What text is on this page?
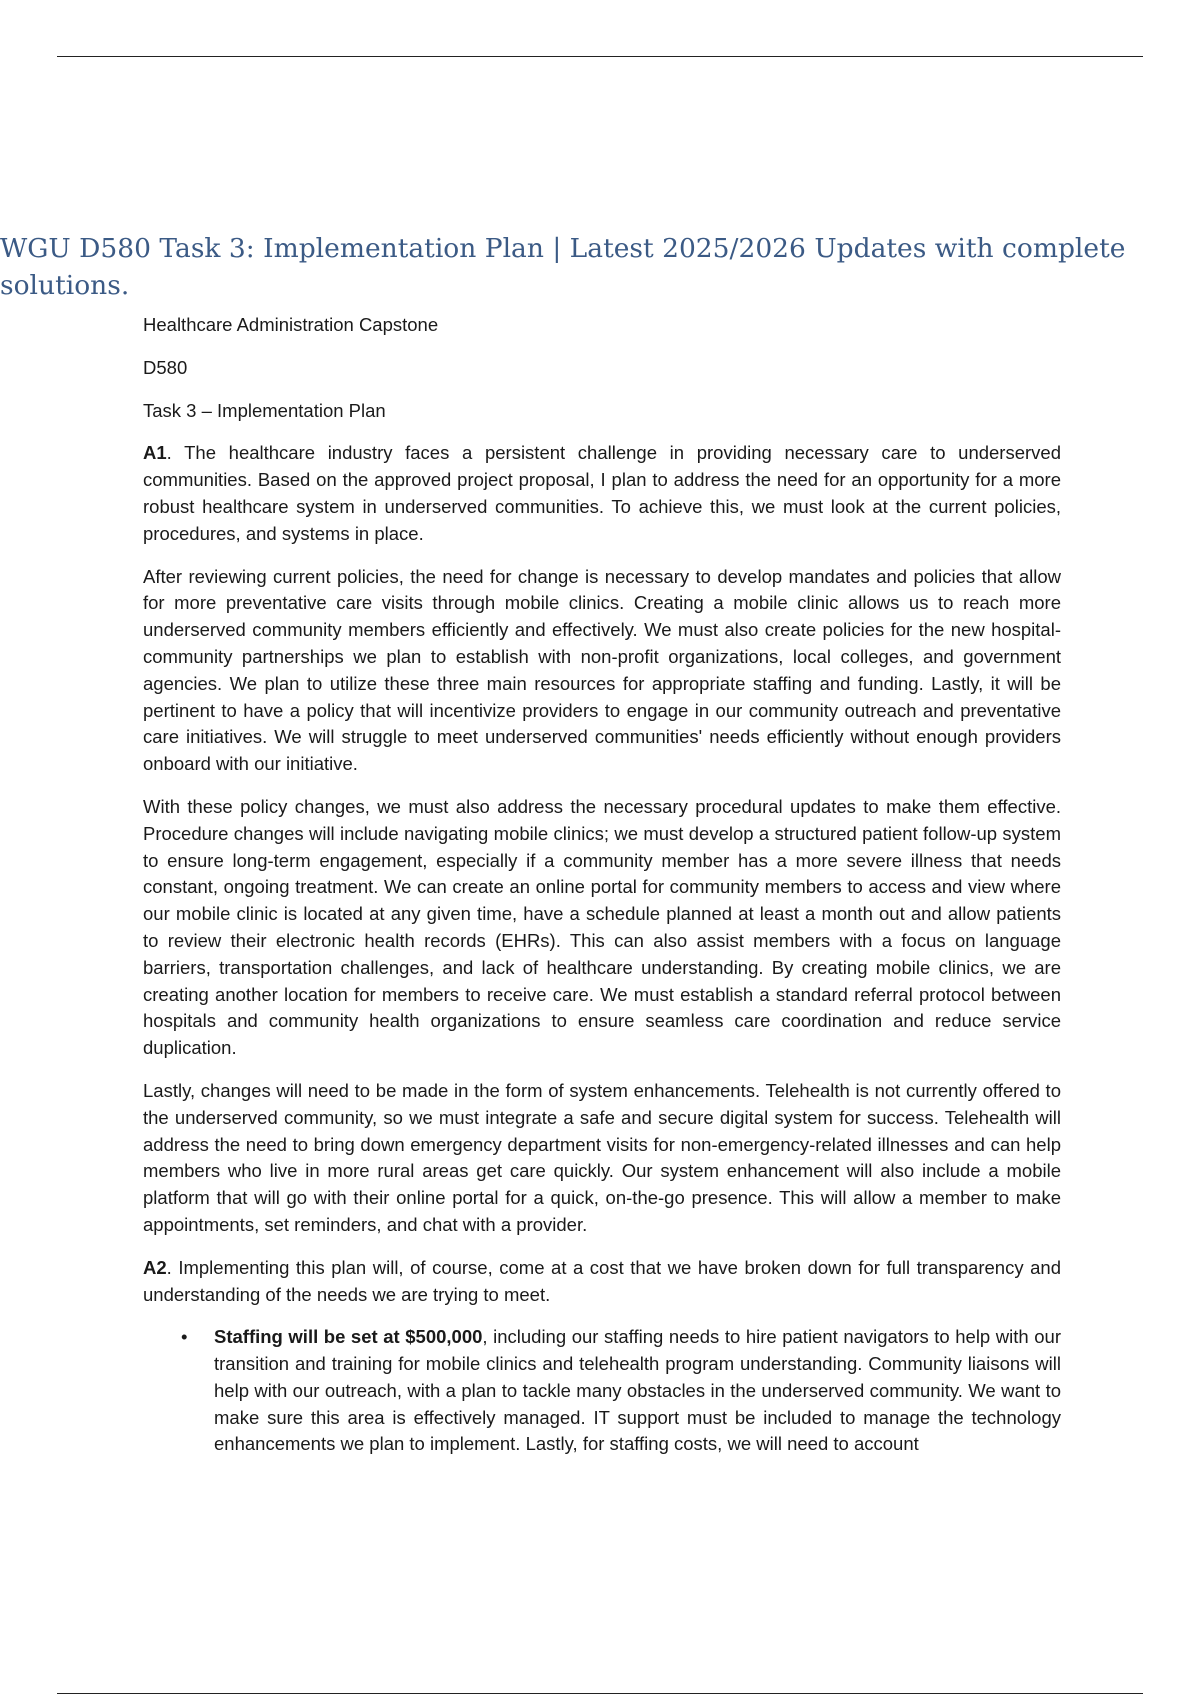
WGU D580 Task 3: Implementation Plan | Latest 2025/2026 Updates with complete solutions.

Healthcare Administration Capstone

D580

Task 3 – Implementation Plan

A1. The healthcare industry faces a persistent challenge in providing necessary care to underserved communities. Based on the approved project proposal, I plan to address the need for an opportunity for a more robust healthcare system in underserved communities. To achieve this, we must look at the current policies, procedures, and systems in place.

After reviewing current policies, the need for change is necessary to develop mandates and policies that allow for more preventative care visits through mobile clinics. Creating a mobile clinic allows us to reach more underserved community members efficiently and effectively. We must also create policies for the new hospital-community partnerships we plan to establish with non-profit organizations, local colleges, and government agencies. We plan to utilize these three main resources for appropriate staffing and funding. Lastly, it will be pertinent to have a policy that will incentivize providers to engage in our community outreach and preventative care initiatives. We will struggle to meet underserved communities' needs efficiently without enough providers onboard with our initiative.

With these policy changes, we must also address the necessary procedural updates to make them effective. Procedure changes will include navigating mobile clinics; we must develop a structured patient follow-up system to ensure long-term engagement, especially if a community member has a more severe illness that needs constant, ongoing treatment. We can create an online portal for community members to access and view where our mobile clinic is located at any given time, have a schedule planned at least a month out and allow patients to review their electronic health records (EHRs). This can also assist members with a focus on language barriers, transportation challenges, and lack of healthcare understanding. By creating mobile clinics, we are creating another location for members to receive care. We must establish a standard referral protocol between hospitals and community health organizations to ensure seamless care coordination and reduce service duplication.

Lastly, changes will need to be made in the form of system enhancements. Telehealth is not currently offered to the underserved community, so we must integrate a safe and secure digital system for success. Telehealth will address the need to bring down emergency department visits for non-emergency-related illnesses and can help members who live in more rural areas get care quickly. Our system enhancement will also include a mobile platform that will go with their online portal for a quick, on-the-go presence. This will allow a member to make appointments, set reminders, and chat with a provider.

A2. Implementing this plan will, of course, come at a cost that we have broken down for full transparency and understanding of the needs we are trying to meet.

• Staffing will be set at $500,000, including our staffing needs to hire patient navigators to help with our transition and training for mobile clinics and telehealth program understanding. Community liaisons will help with our outreach, with a plan to tackle many obstacles in the underserved community. We want to make sure this area is effectively managed. IT support must be included to manage the technology enhancements we plan to implement. Lastly, for staffing costs, we will need to account
